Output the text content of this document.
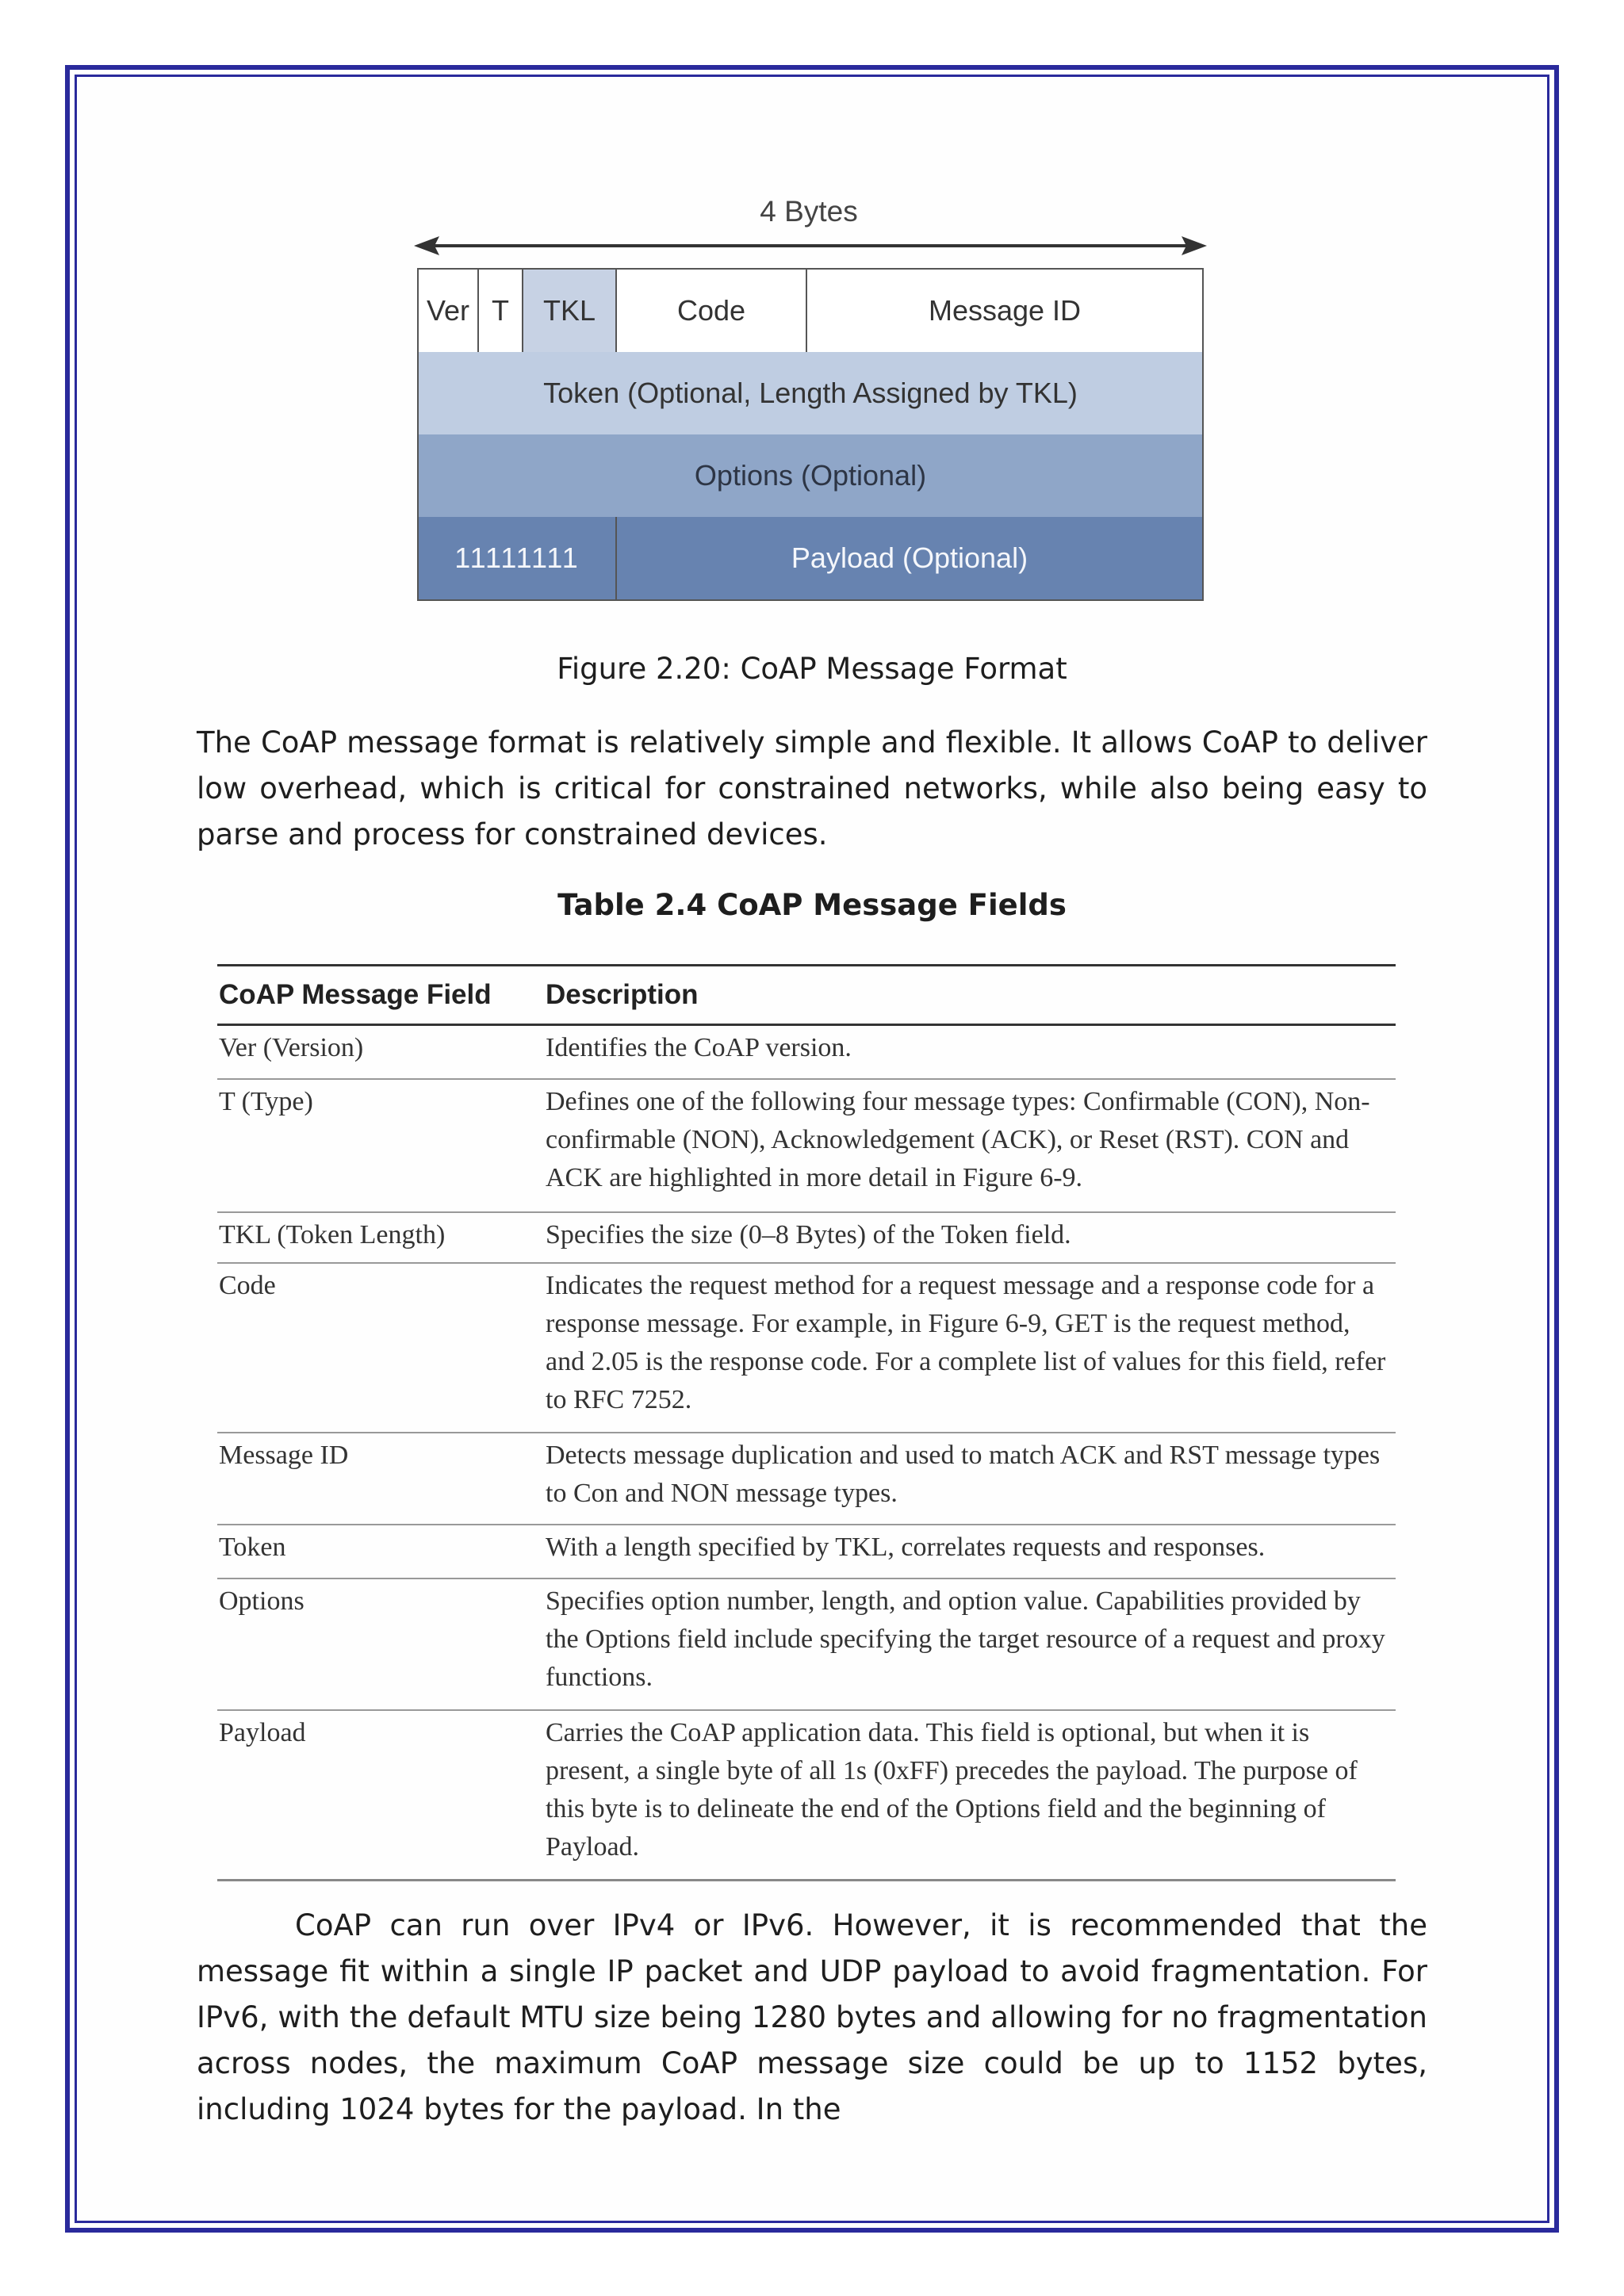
4 Bytes
Ver T	TKL	Code	Message ID
Token (Optional, Length Assigned by TKL)
Options (Optional)
11111111	Payload (Optional)
Figure 2.20: CoAP Message Format
The CoAP message format is relatively simple and flexible. It allows CoAP to deliver low overhead, which is critical for constrained networks, while also being easy to parse and process for constrained devices.
Table 2.4 CoAP Message Fields
CoAP Message Field	Description
Ver (Version)	Identifies the CoAP version.
T (Type)	Defines one of the following four message types: Confirmable (CON), Non-confirmable (NON), Acknowledgement (ACK), or Reset (RST). CON and ACK are highlighted in more detail in Figure 6-9.
TKL (Token Length)	Specifies the size (0–8 Bytes) of the Token field.
Code	Indicates the request method for a request message and a response code for a response message. For example, in Figure 6-9, GET is the request method, and 2.05 is the response code. For a complete list of values for this field, refer to RFC 7252.
Message ID	Detects message duplication and used to match ACK and RST message types to Con and NON message types.
Token	With a length specified by TKL, correlates requests and responses.
Options	Specifies option number, length, and option value. Capabilities provided by the Options field include specifying the target resource of a request and proxy functions.
Payload	Carries the CoAP application data. This field is optional, but when it is present, a single byte of all 1s (0xFF) precedes the payload. The purpose of this byte is to delineate the end of the Options field and the beginning of Payload.
CoAP can run over IPv4 or IPv6. However, it is recommended that the message fit within a single IP packet and UDP payload to avoid fragmentation. For IPv6, with the default MTU size being 1280 bytes and allowing for no fragmentation across nodes, the maximum CoAP message size could be up to 1152 bytes, including 1024 bytes for the payload. In the
